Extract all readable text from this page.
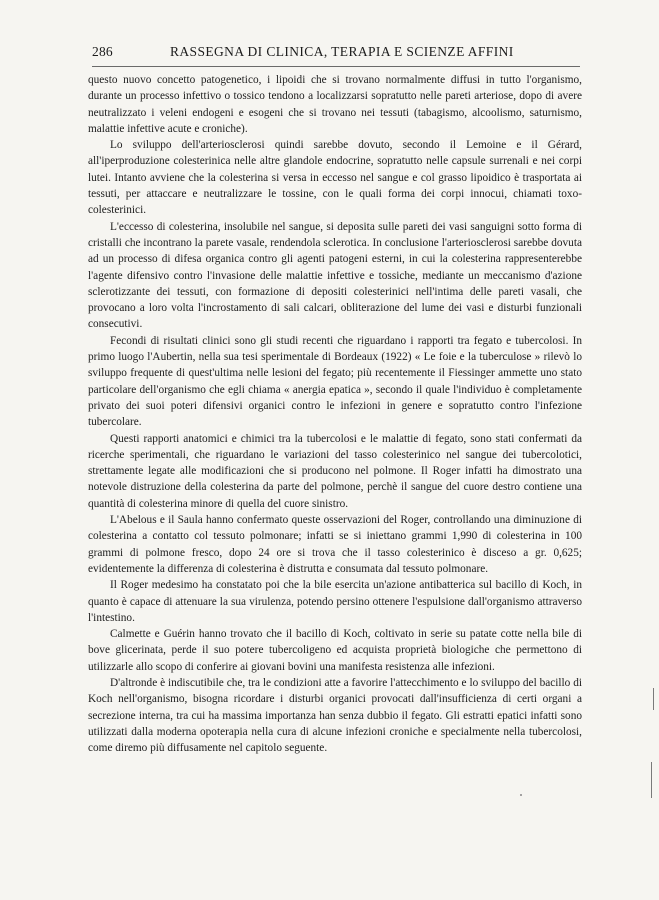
286	RASSEGNA DI CLINICA, TERAPIA E SCIENZE AFFINI

questo nuovo concetto patogenetico, i lipoidi che si trovano normalmente diffusi in tutto l'organismo, durante un processo infettivo o tossico tendono a localizzarsi sopratutto nelle pareti arteriose, dopo di avere neutralizzato i veleni endogeni e esogeni che si trovano nei tessuti (tabagismo, alcoolismo, saturnismo, malattie infettive acute e croniche).

Lo sviluppo dell'arteriosclerosi quindi sarebbe dovuto, secondo il Lemoine e il Gérard, all'iperproduzione colesterinica nelle altre glandole endocrine, sopratutto nelle capsule surrenali e nei corpi lutei. Intanto avviene che la colesterina si versa in eccesso nel sangue e col grasso lipoidico è trasportata ai tessuti, per attaccare e neutralizzare le tossine, con le quali forma dei corpi innocui, chiamati toxo-colesterinici.

L'eccesso di colesterina, insolubile nel sangue, si deposita sulle pareti dei vasi sanguigni sotto forma di cristalli che incontrano la parete vasale, rendendola sclerotica. In conclusione l'arteriosclerosi sarebbe dovuta ad un processo di difesa organica contro gli agenti patogeni esterni, in cui la colesterina rappresenterebbe l'agente difensivo contro l'invasione delle malattie infettive e tossiche, mediante un meccanismo d'azione sclerotizzante dei tessuti, con formazione di depositi colesterinici nell'intima delle pareti vasali, che provocano a loro volta l'incrostamento di sali calcari, obliterazione del lume dei vasi e disturbi funzionali consecutivi.

Fecondi di risultati clinici sono gli studi recenti che riguardano i rapporti tra fegato e tubercolosi. In primo luogo l'Aubertin, nella sua tesi sperimentale di Bordeaux (1922) « Le foie e la tuberculose » rilevò lo sviluppo frequente di quest'ultima nelle lesioni del fegato; più recentemente il Fiessinger ammette uno stato particolare dell'organismo che egli chiama « anergia epatica », secondo il quale l'individuo è completamente privato dei suoi poteri difensivi organici contro le infezioni in genere e sopratutto contro l'infezione tubercolare.

Questi rapporti anatomici e chimici tra la tubercolosi e le malattie di fegato, sono stati confermati da ricerche sperimentali, che riguardano le variazioni del tasso colesterinico nel sangue dei tubercolotici, strettamente legate alle modificazioni che si producono nel polmone. Il Roger infatti ha dimostrato una notevole distruzione della colesterina da parte del polmone, perchè il sangue del cuore destro contiene una quantità di colesterina minore di quella del cuore sinistro.

L'Abelous e il Saula hanno confermato queste osservazioni del Roger, controllando una diminuzione di colesterina a contatto col tessuto polmonare; infatti se si iniettano grammi 1,990 di colesterina in 100 grammi di polmone fresco, dopo 24 ore si trova che il tasso colesterinico è disceso a gr. 0,625; evidentemente la differenza di colesterina è distrutta e consumata dal tessuto polmonare.

Il Roger medesimo ha constatato poi che la bile esercita un'azione antibatterica sul bacillo di Koch, in quanto è capace di attenuare la sua virulenza, potendo persino ottenere l'espulsione dall'organismo attraverso l'intestino.

Calmette e Guérin hanno trovato che il bacillo di Koch, coltivato in serie su patate cotte nella bile di bove glicerinata, perde il suo potere tubercoligeno ed acquista proprietà biologiche che permettono di utilizzarle allo scopo di conferire ai giovani bovini una manifesta resistenza alle infezioni.

D'altronde è indiscutibile che, tra le condizioni atte a favorire l'attecchimento e lo sviluppo del bacillo di Koch nell'organismo, bisogna ricordare i disturbi organici provocati dall'insufficienza di certi organi a secrezione interna, tra cui ha massima importanza han senza dubbio il fegato. Gli estratti epatici infatti sono utilizzati dalla moderna opoterapia nella cura di alcune infezioni croniche e specialmente nella tubercolosi, come diremo più diffusamente nel capitolo seguente.
